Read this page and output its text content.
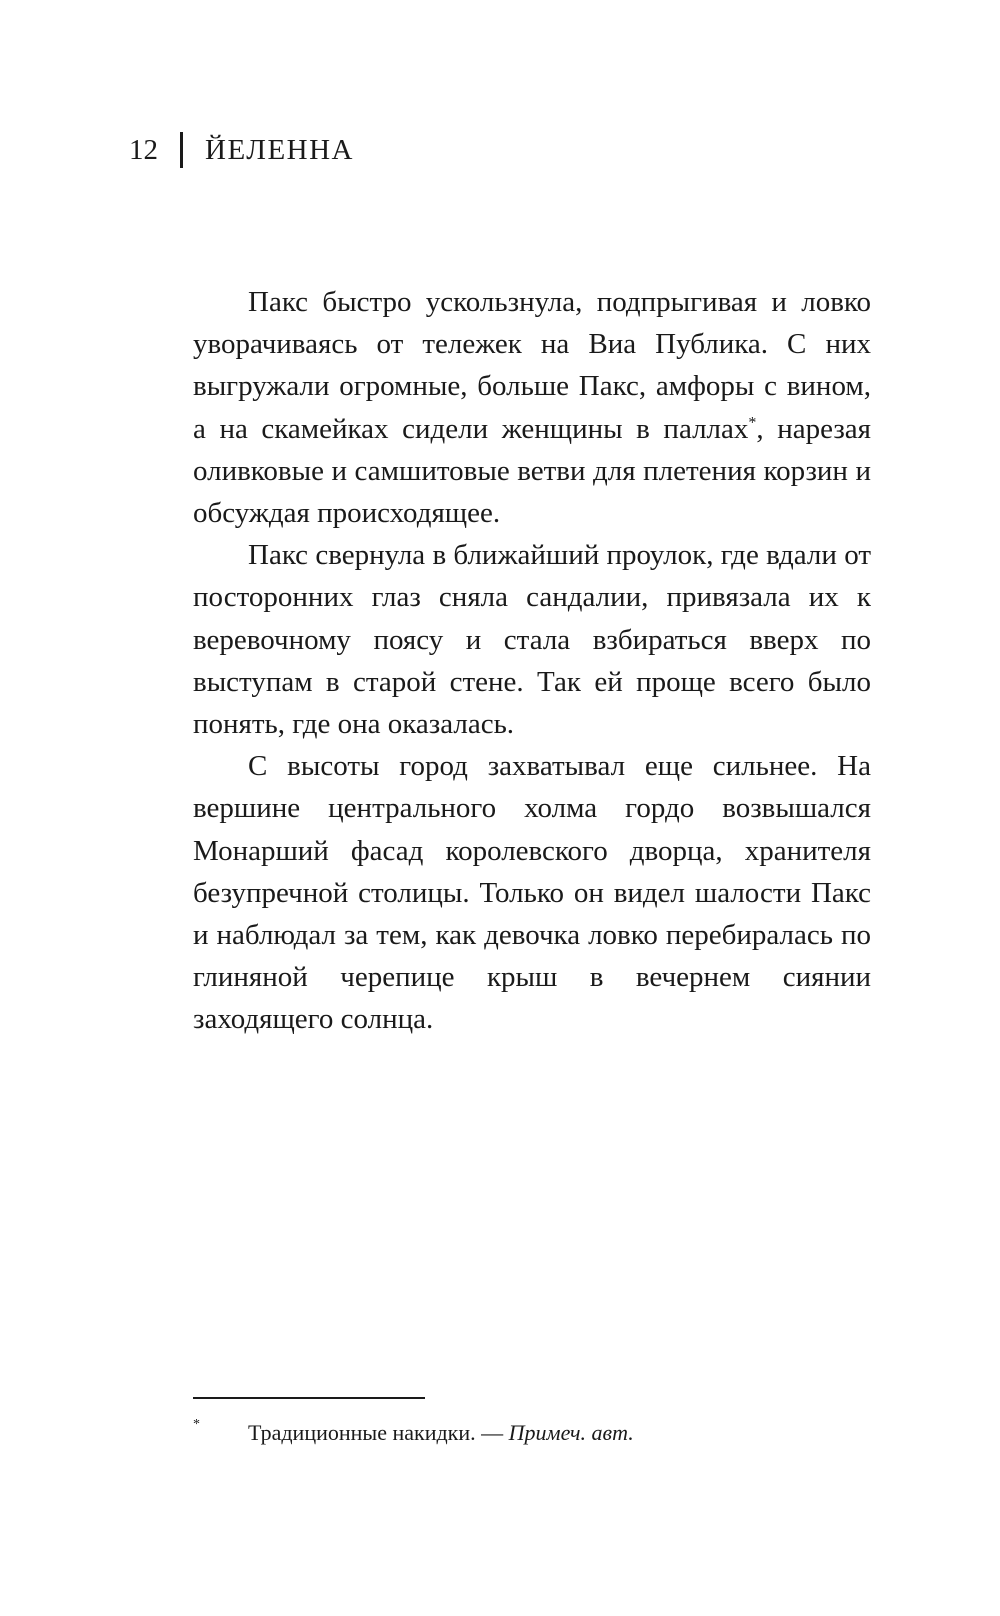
12 ЙЕЛЕННА

Пакс быстро ускользнула, подпрыгивая и ловко уворачиваясь от тележек на Виа Публика. С них выгружали огромные, больше Пакс, амфоры с вином, а на скамейках сидели женщины в паллах*, нарезая оливковые и самшитовые ветви для плетения корзин и обсуждая происходящее.

Пакс свернула в ближайший проулок, где вдали от посторонних глаз сняла сандалии, привязала их к веревочному поясу и стала взбираться вверх по выступам в старой стене. Так ей проще всего было понять, где она оказалась.

С высоты город захватывал еще сильнее. На вершине центрального холма гордо возвышался Монарший фасад королевского дворца, хранителя безупречной столицы. Только он видел шалости Пакс и наблюдал за тем, как девочка ловко перебиралась по глиняной черепице крыш в вечернем сиянии заходящего солнца.

* Традиционные накидки. — Примеч. авт.
